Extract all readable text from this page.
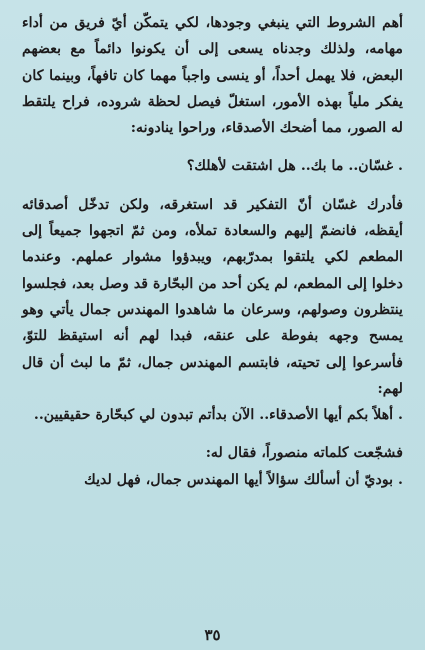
أهم الشروط التي ينبغي وجودها، لكي يتمكّن أيّ فريق من أداء مهامه، ولذلك وجدناه يسعى إلى أن يكونوا دائماً مع بعضهم البعض، فلا يهمل أحداً، أو ينسى واجباً مهما كان تافهاً، وبينما كان يفكر ملياً بهذه الأمور، استغلّ فيصل لحظة شروده، فراح يلتقط له الصور، مما أضحك الأصدقاء، وراحوا ينادونه:

. غسّان.. ما بك.. هل اشتقت لأهلك؟

فأدرك غسّان أنّ التفكير قد استغرقه، ولكن تدخّل أصدقائه أيقظه، فانضمّ إليهم والسعادة تملأه، ومن ثمّ اتجهوا جميعاً إلى المطعم لكي يلتقوا بمدرّبهم، ويبدؤوا مشوار عملهم. وعندما دخلوا إلى المطعم، لم يكن أحد من البحّارة قد وصل بعد، فجلسوا ينتظرون وصولهم، وسرعان ما شاهدوا المهندس جمال يأتي وهو يمسح وجهه بفوطة على عنقه، فبدا لهم أنه استيقظ للتوّ، فأسرعوا إلى تحيته، فابتسم المهندس جمال، ثمّ ما لبث أن قال لهم:

. أهلاً بكم أيها الأصدقاء.. الآن بدأتم تبدون لي كبحّارة حقيقيين..

فشجّعت كلماته منصوراً، فقال له:

. بوديّ أن أسألك سؤالاً أيها المهندس جمال، فهل لديك

٣٥
